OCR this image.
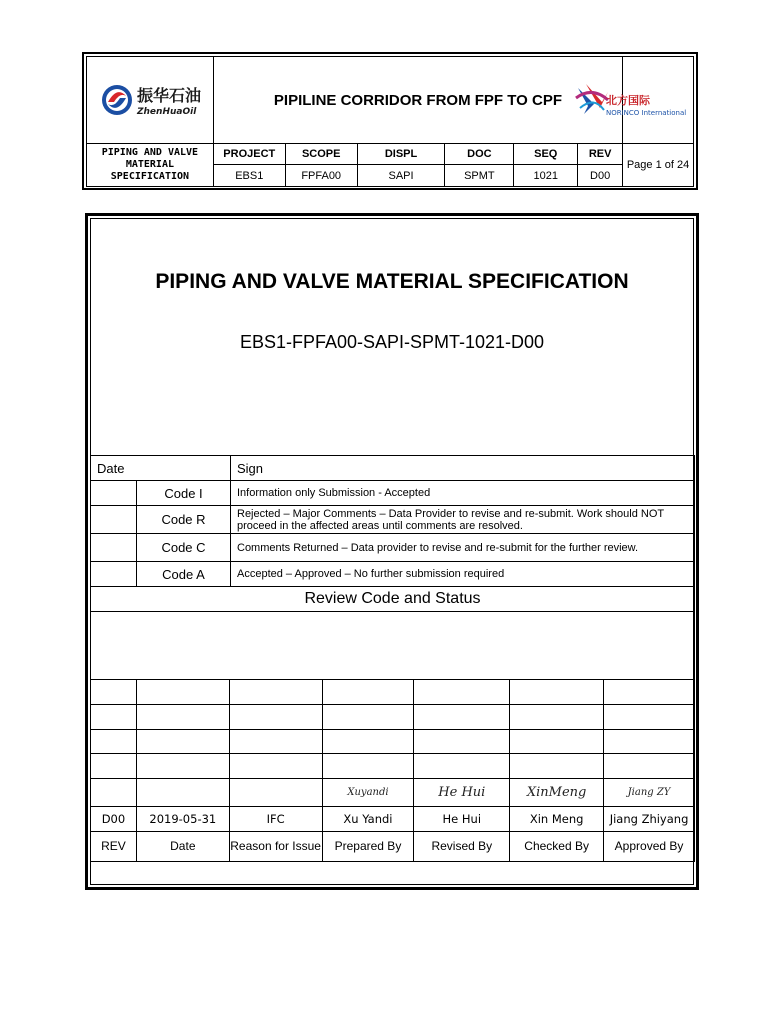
	PIPILINE CORRIDOR FROM FPF TO CPF						
PIPING AND VALVE MATERIAL SPECIFICATION	PROJECT	SCOPE	DISPL	DOC	SEQ	REV	Page 1 of 24
	EBS1	FPFA00	SAPI	SPMT	1021	D00	
振华石油
ZhenHuaOil
北方国际
NORINCO International
PIPING AND VALVE MATERIAL SPECIFICATION
EBS1-FPFA00-SAPI-SPMT-1021-D00
Date		Sign
	Code I	Information only Submission - Accepted
	Code R	Rejected – Major Comments – Data Provider to revise and re-submit. Work should NOT proceed in the affected areas until comments are resolved.
	Code C	Comments Returned – Data provider to revise and re-submit for the further review.
	Code A	Accepted – Approved – No further submission required
Review Code and Status		

			Xuyandi	He Hui	XinMeng	Jiang ZY
D00	2019-05-31	IFC	Xu Yandi	He Hui	Xin Meng	Jiang Zhiyang
REV	Date	Reason for Issue	Prepared By	Revised By	Checked By	Approved By
